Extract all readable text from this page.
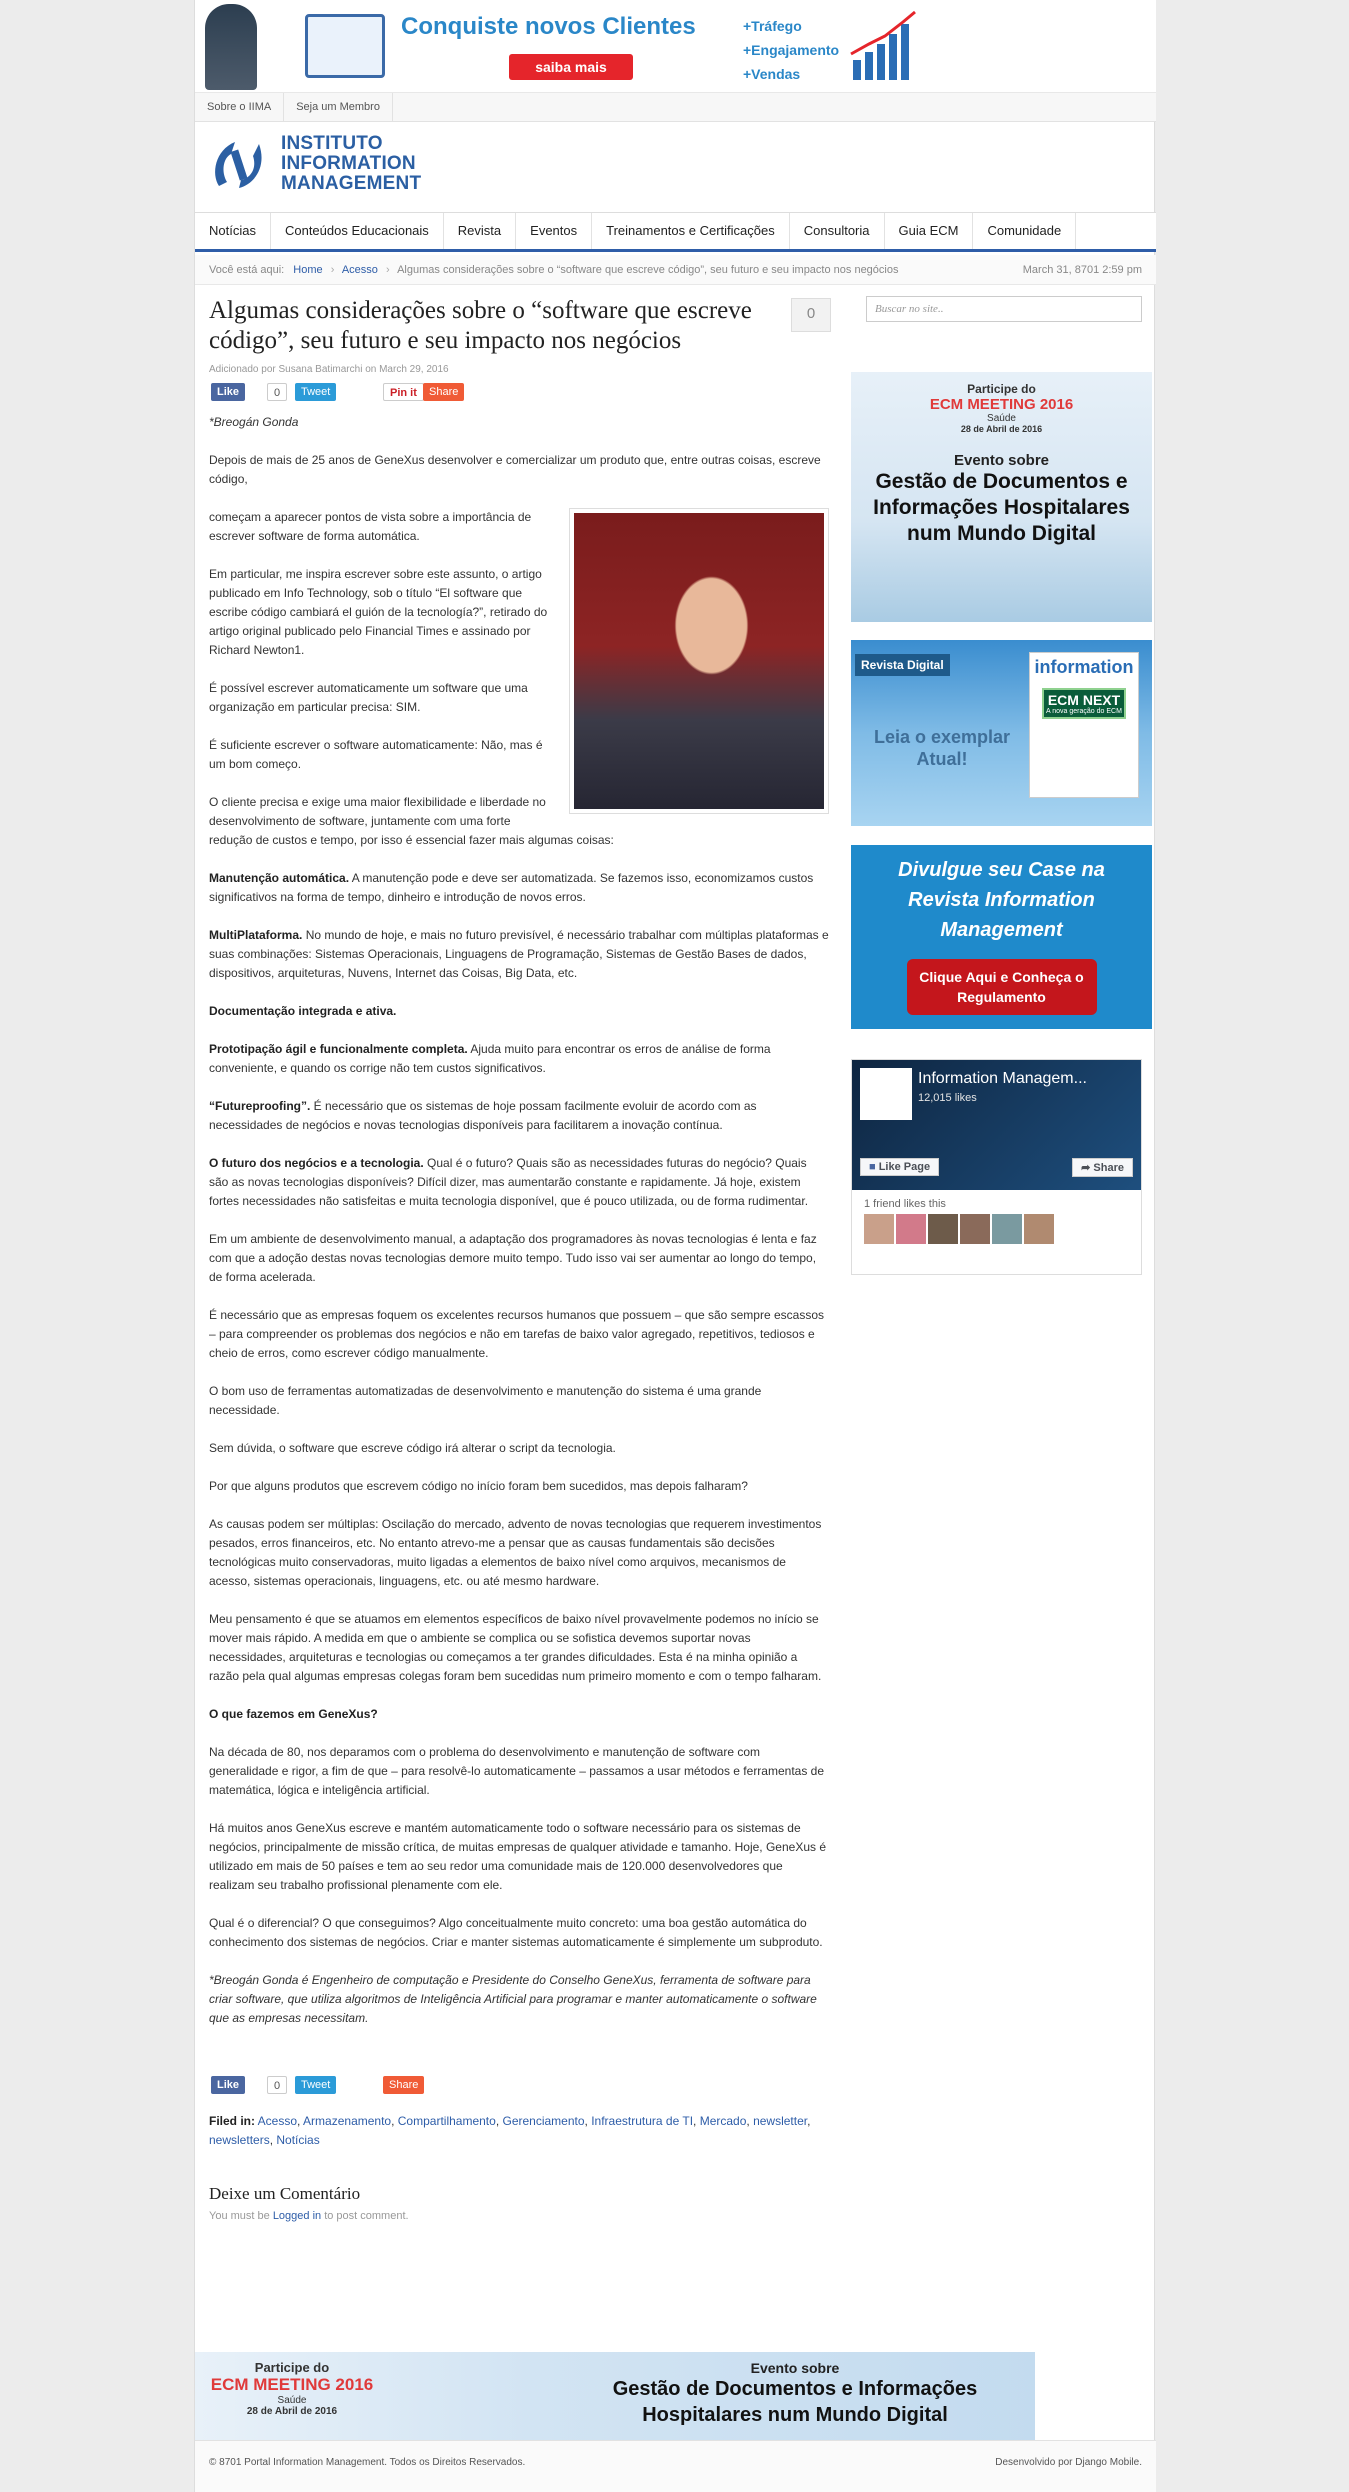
Conquiste novos Clientes
saiba mais
+Tráfego
+Engajamento
+Vendas
Sobre o IIMA Seja um Membro
INSTITUTO
INFORMATION
MANAGEMENT
Notícias Conteúdos Educacionais Revista Eventos Treinamentos e Certificações Consultoria Guia ECM Comunidade
Você está aqui: Home › Acesso › Algumas considerações sobre o “software que escreve código”, seu futuro e seu impacto nos negócios	March 31, 8701 2:59 pm
Algumas considerações sobre o “software que escreve código”, seu futuro e seu impacto nos negócios
0
Adicionado por Susana Batimarchi on March 29, 2016
Like	0	Tweet	Pin it	Share

*Breogán Gonda

Depois de mais de 25 anos de GeneXus desenvolver e comercializar um produto que, entre outras coisas, escreve código,

começam a aparecer pontos de vista sobre a importância de escrever software de forma automática.

Em particular, me inspira escrever sobre este assunto, o artigo publicado em Info Technology, sob o título “El software que escribe código cambiará el guión de la tecnología?”, retirado do artigo original publicado pelo Financial Times e assinado por Richard Newton1.

É possível escrever automaticamente um software que uma organização em particular precisa: SIM.

É suficiente escrever o software automaticamente: Não, mas é um bom começo.

O cliente precisa e exige uma maior flexibilidade e liberdade no desenvolvimento de software, juntamente com uma forte redução de custos e tempo, por isso é essencial fazer mais algumas coisas:

Manutenção automática. A manutenção pode e deve ser automatizada. Se fazemos isso, economizamos custos significativos na forma de tempo, dinheiro e introdução de novos erros.

MultiPlataforma. No mundo de hoje, e mais no futuro previsível, é necessário trabalhar com múltiplas plataformas e suas combinações: Sistemas Operacionais, Linguagens de Programação, Sistemas de Gestão Bases de dados, dispositivos, arquiteturas, Nuvens, Internet das Coisas, Big Data, etc.

Documentação integrada e ativa.

Prototipação ágil e funcionalmente completa. Ajuda muito para encontrar os erros de análise de forma conveniente, e quando os corrige não tem custos significativos.

“Futureproofing”. É necessário que os sistemas de hoje possam facilmente evoluir de acordo com as necessidades de negócios e novas tecnologias disponíveis para facilitarem a inovação contínua.

O futuro dos negócios e a tecnologia. Qual é o futuro? Quais são as necessidades futuras do negócio? Quais são as novas tecnologias disponíveis? Difícil dizer, mas aumentarão constante e rapidamente. Já hoje, existem fortes necessidades não satisfeitas e muita tecnologia disponível, que é pouco utilizada, ou de forma rudimentar.

Em um ambiente de desenvolvimento manual, a adaptação dos programadores às novas tecnologias é lenta e faz com que a adoção destas novas tecnologias demore muito tempo. Tudo isso vai ser aumentar ao longo do tempo, de forma acelerada.

É necessário que as empresas foquem os excelentes recursos humanos que possuem – que são sempre escassos – para compreender os problemas dos negócios e não em tarefas de baixo valor agregado, repetitivos, tediosos e cheio de erros, como escrever código manualmente.

O bom uso de ferramentas automatizadas de desenvolvimento e manutenção do sistema é uma grande necessidade.

Sem dúvida, o software que escreve código irá alterar o script da tecnologia.

Por que alguns produtos que escrevem código no início foram bem sucedidos, mas depois falharam?

As causas podem ser múltiplas: Oscilação do mercado, advento de novas tecnologias que requerem investimentos pesados, erros financeiros, etc. No entanto atrevo-me a pensar que as causas fundamentais são decisões tecnológicas muito conservadoras, muito ligadas a elementos de baixo nível como arquivos, mecanismos de acesso, sistemas operacionais, linguagens, etc. ou até mesmo hardware.

Meu pensamento é que se atuamos em elementos específicos de baixo nível provavelmente podemos no início se mover mais rápido. A medida em que o ambiente se complica ou se sofistica devemos suportar novas necessidades, arquiteturas e tecnologias ou começamos a ter grandes dificuldades. Esta é na minha opinião a razão pela qual algumas empresas colegas foram bem sucedidas num primeiro momento e com o tempo falharam.

O que fazemos em GeneXus?

Na década de 80, nos deparamos com o problema do desenvolvimento e manutenção de software com generalidade e rigor, a fim de que – para resolvê-lo automaticamente – passamos a usar métodos e ferramentas de matemática, lógica e inteligência artificial.

Há muitos anos GeneXus escreve e mantém automaticamente todo o software necessário para os sistemas de negócios, principalmente de missão crítica, de muitas empresas de qualquer atividade e tamanho. Hoje, GeneXus é utilizado em mais de 50 países e tem ao seu redor uma comunidade mais de 120.000 desenvolvedores que realizam seu trabalho profissional plenamente com ele.

Qual é o diferencial? O que conseguimos? Algo conceitualmente muito concreto: uma boa gestão automática do conhecimento dos sistemas de negócios. Criar e manter sistemas automaticamente é simplemente um subproduto.

*Breogán Gonda é Engenheiro de computação e Presidente do Conselho GeneXus, ferramenta de software para criar software, que utiliza algoritmos de Inteligência Artificial para programar e manter automaticamente o software que as empresas necessitam.

Like	0	Tweet	Share
Filed in: Acesso, Armazenamento, Compartilhamento, Gerenciamento, Infraestrutura de TI, Mercado, newsletter, newsletters, Notícias
Deixe um Comentário

You must be Logged in to post comment.

Buscar no site..
Participe do
ECM MEETING 2016
Saúde
28 de Abril de 2016
Evento sobre
Gestão de Documentos e Informações Hospitalares num Mundo Digital
Revista Digital	information
ECM NEXT
A nova geração do ECM
Leia o exemplar Atual!
Divulgue seu Case na Revista Information Management
Clique Aqui e Conheça o Regulamento
Information Managem...
12,015 likes
■ Like Page	➦ Share
1 friend likes this
Participe do
ECM MEETING 2016
Saúde
28 de Abril de 2016
Evento sobre
Gestão de Documentos e Informações Hospitalares num Mundo Digital
© 8701 Portal Information Management. Todos os Direitos Reservados.	Desenvolvido por Django Mobile.
